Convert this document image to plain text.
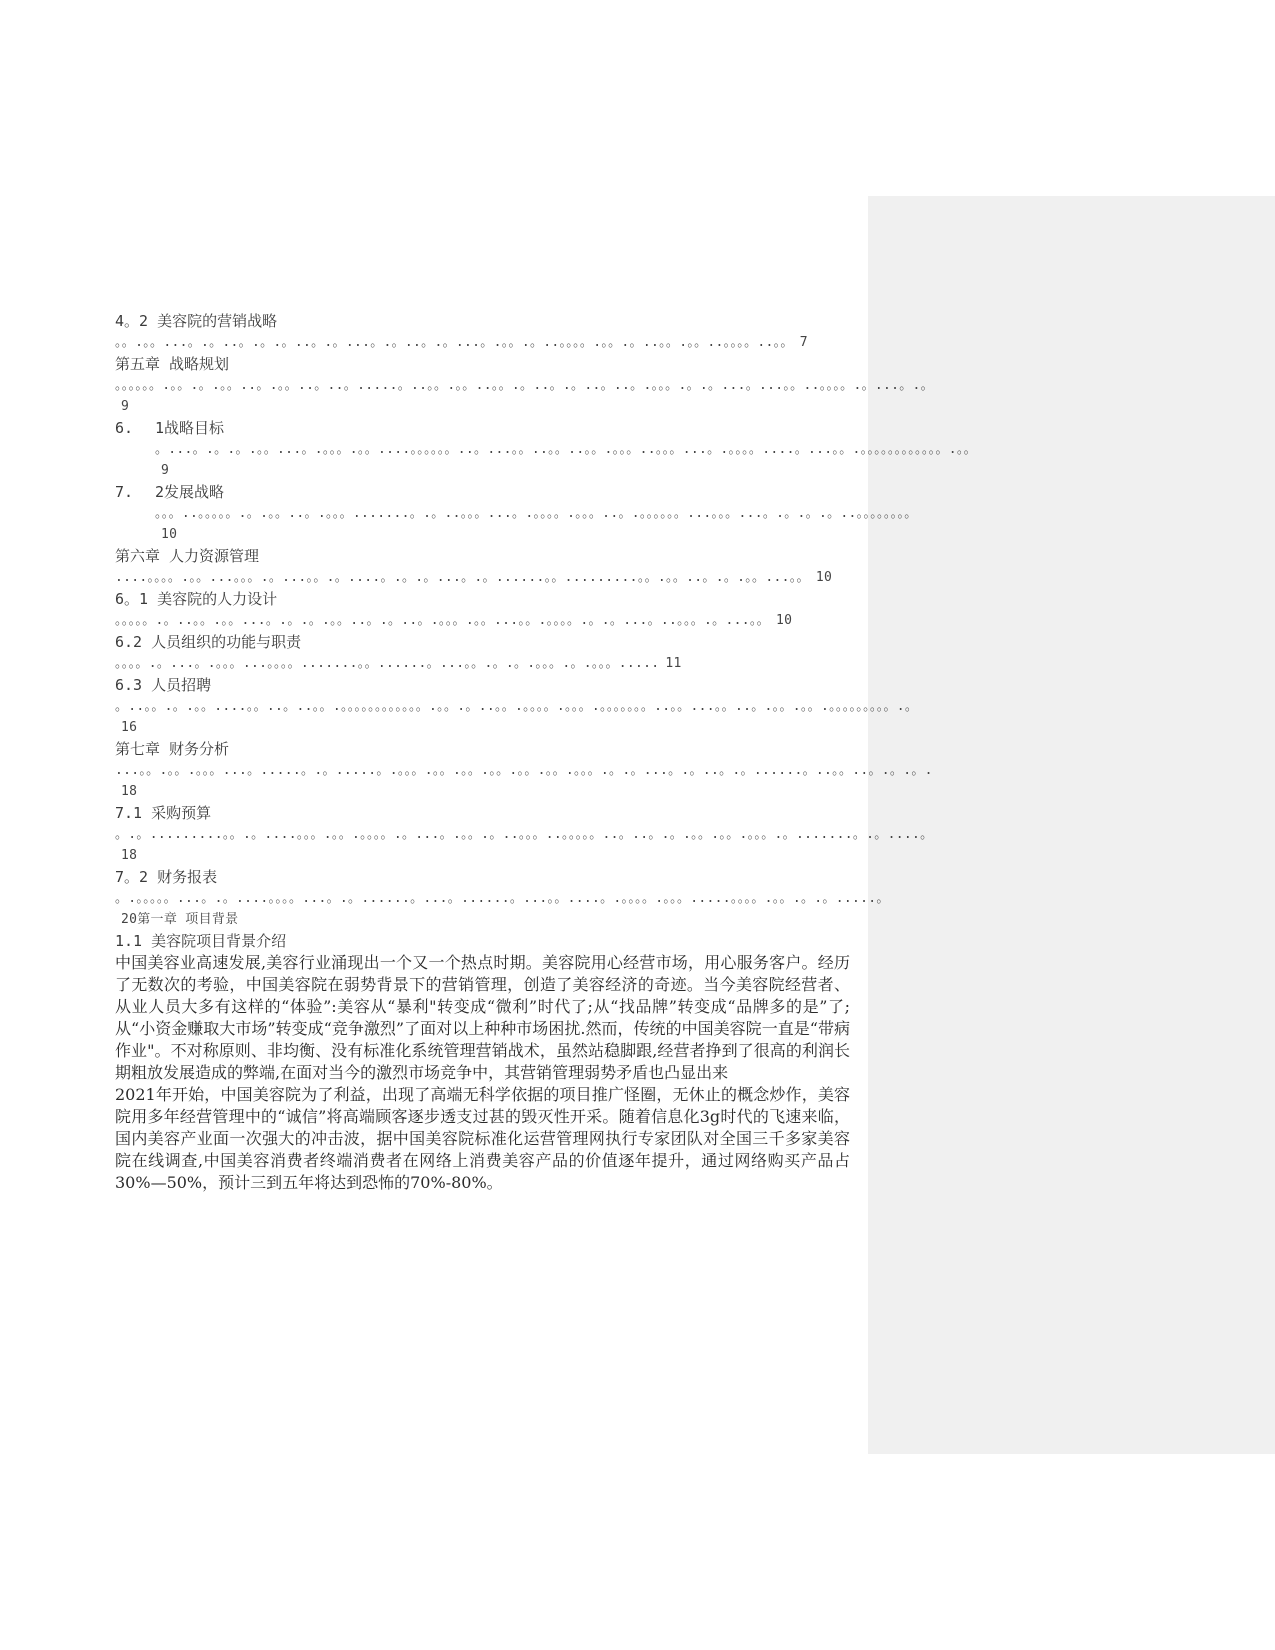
4。2 美容院的营销战略
。。.。。...。.。..。.。.。..。.。...。.。..。.。...。.。。.。..。。。。.。。.。..。。.。。..。。。。..。。 7
第五章 战略规划
。。。。。。.。。.。.。。..。.。。..。..。.....。..。。.。。..。。.。..。.。..。..。.。。。.。.。...。...。。..。。。。.。...。.。9
6. 1战略目标
。...。.。.。.。。...。.。。。.。。....。。。。。。..。...。。..。。..。。.。。。..。。。...。.。。。。....。...。。.。。。。。。。。。。。。.。。9
7. 2发展战略
。。。..。。。。。.。.。。..。.。。。.......。.。..。。。...。.。。。。.。。。..。.。。。。。。...。。。...。.。.。.。..。。。。。。。。10
第六章 人力资源管理
....。。。。.。。...。。。.。...。。.。....。.。.。...。.。......。。.........。。.。。..。.。.。。...。。 10
6。1 美容院的人力设计
。。。。。.。..。。.。。...。.。.。.。。..。.。..。.。。。.。。...。。.。。。。.。.。...。..。。。.。...。。 10
6.2 人员组织的功能与职责
。。。。.。...。.。。。...。。。。.......。。......。...。。.。.。.。。。.。.。。。..... 11
6.3 人员招聘
。..。。.。.。。....。。..。..。。.。。。。。。。。。。。。.。。.。..。。.。。。。.。。。.。。。。。。。..。。...。。..。.。。.。。.。。。。。。。。。.。16
第七章 财务分析
...。。.。。.。。。...。.....。.。.....。.。。。.。。.。。.。。.。。.。。.。。。.。.。...。.。..。.。......。..。。..。.。.。.18
7.1 采购预算
。.。.........。。.。....。。。.。。.。。。。.。...。.。。.。..。。。..。。。。。..。..。.。.。。.。。.。。。.。.......。.。....。18
7。2 财务报表
。.。。。。。...。.。....。。。。...。.。......。...。......。...。。....。.。。。。.。。。.....。。。。.。。.。.。.....。20第一章 项目背景
1.1 美容院项目背景介绍
中国美容业高速发展,美容行业涌现出一个又一个热点时期。美容院用心经营市场，用心服务客户。经历了无数次的考验，中国美容院在弱势背景下的营销管理，创造了美容经济的奇迹。当今美容院经营者、从业人员大多有这样的“体验”:美容从“暴利"转变成“微利”时代了;从“找品牌”转变成“品牌多的是”了; 从“小资金赚取大市场”转变成“竞争激烈”了面对以上种种市场困扰.然而，传统的中国美容院一直是“带病作业"。不对称原则、非均衡、没有标准化系统管理营销战术，虽然站稳脚跟,经营者挣到了很高的利润长期粗放发展造成的弊端,在面对当今的激烈市场竞争中，其营销管理弱势矛盾也凸显出来
2021年开始，中国美容院为了利益，出现了高端无科学依据的项目推广怪圈，无休止的概念炒作，美容院用多年经营管理中的“诚信”将高端顾客逐步透支过甚的毁灭性开采。随着信息化3g时代的飞速来临，国内美容产业面一次强大的冲击波，据中国美容院标准化运营管理网执行专家团队对全国三千多家美容院在线调查,中国美容消费者终端消费者在网络上消费美容产品的价值逐年提升，通过网络购买产品占30%—50%，预计三到五年将达到恐怖的70%-80%。
